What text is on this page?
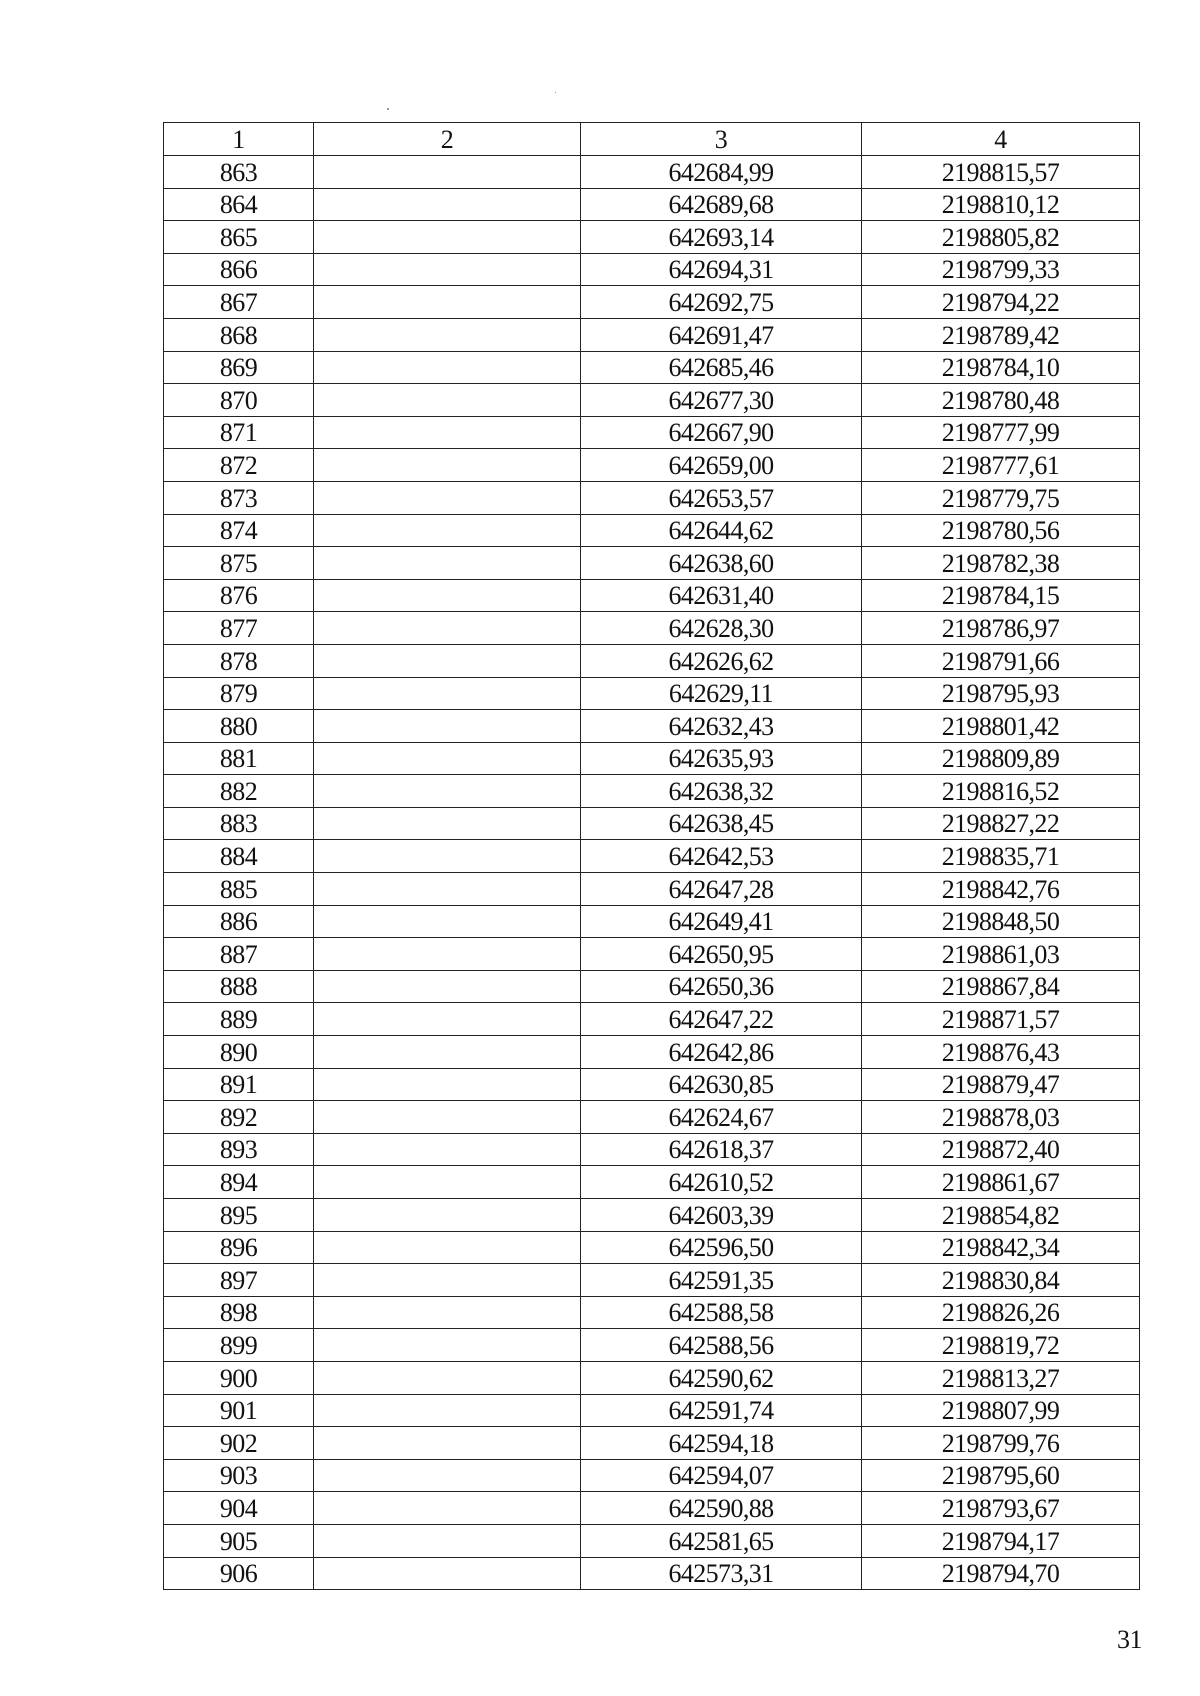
1	2	3	4
863		642684,99	2198815,57
864		642689,68	2198810,12
865		642693,14	2198805,82
866		642694,31	2198799,33
867		642692,75	2198794,22
868		642691,47	2198789,42
869		642685,46	2198784,10
870		642677,30	2198780,48
871		642667,90	2198777,99
872		642659,00	2198777,61
873		642653,57	2198779,75
874		642644,62	2198780,56
875		642638,60	2198782,38
876		642631,40	2198784,15
877		642628,30	2198786,97
878		642626,62	2198791,66
879		642629,11	2198795,93
880		642632,43	2198801,42
881		642635,93	2198809,89
882		642638,32	2198816,52
883		642638,45	2198827,22
884		642642,53	2198835,71
885		642647,28	2198842,76
886		642649,41	2198848,50
887		642650,95	2198861,03
888		642650,36	2198867,84
889		642647,22	2198871,57
890		642642,86	2198876,43
891		642630,85	2198879,47
892		642624,67	2198878,03
893		642618,37	2198872,40
894		642610,52	2198861,67
895		642603,39	2198854,82
896		642596,50	2198842,34
897		642591,35	2198830,84
898		642588,58	2198826,26
899		642588,56	2198819,72
900		642590,62	2198813,27
901		642591,74	2198807,99
902		642594,18	2198799,76
903		642594,07	2198795,60
904		642590,88	2198793,67
905		642581,65	2198794,17
906		642573,31	2198794,70
31
